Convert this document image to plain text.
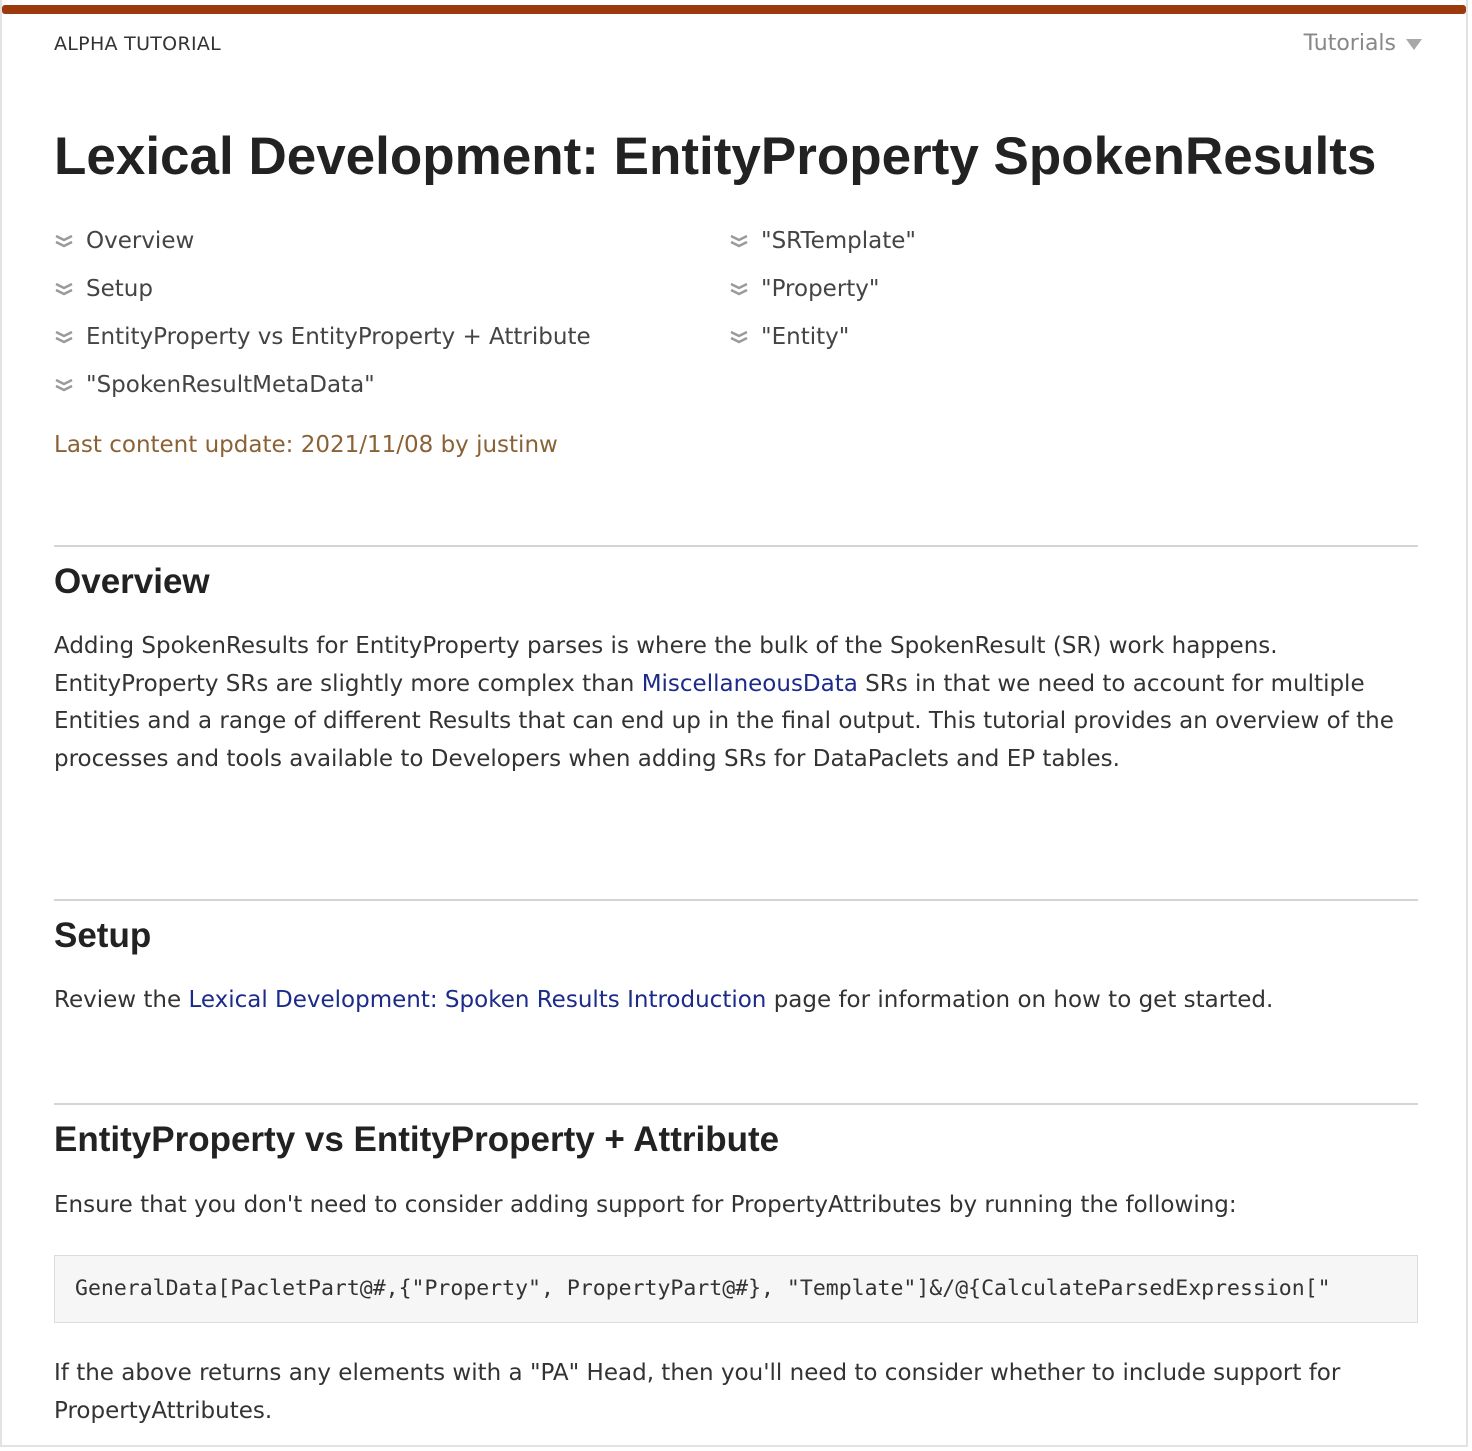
ALPHA TUTORIAL	Tutorials
Lexical Development: EntityProperty SpokenResults
Overview
Setup
EntityProperty vs EntityProperty + Attribute
"SpokenResultMetaData"
"SRTemplate"
"Property"
"Entity"
Last content update: 2021/11/08 by justinw
Overview

Adding SpokenResults for EntityProperty parses is where the bulk of the SpokenResult (SR) work happens. EntityProperty SRs are slightly more complex than MiscellaneousData SRs in that we need to account for multiple Entities and a range of different Results that can end up in the final output. This tutorial provides an overview of the processes and tools available to Developers when adding SRs for DataPaclets and EP tables.

Setup

Review the Lexical Development: Spoken Results Introduction page for information on how to get started.

EntityProperty vs EntityProperty + Attribute

Ensure that you don't need to consider adding support for PropertyAttributes by running the following:

GeneralData[PacletPart@#,{"Property", PropertyPart@#}, "Template"]&/@{CalculateParsedExpression["

If the above returns any elements with a "PA" Head, then you'll need to consider whether to include support for PropertyAttributes.
